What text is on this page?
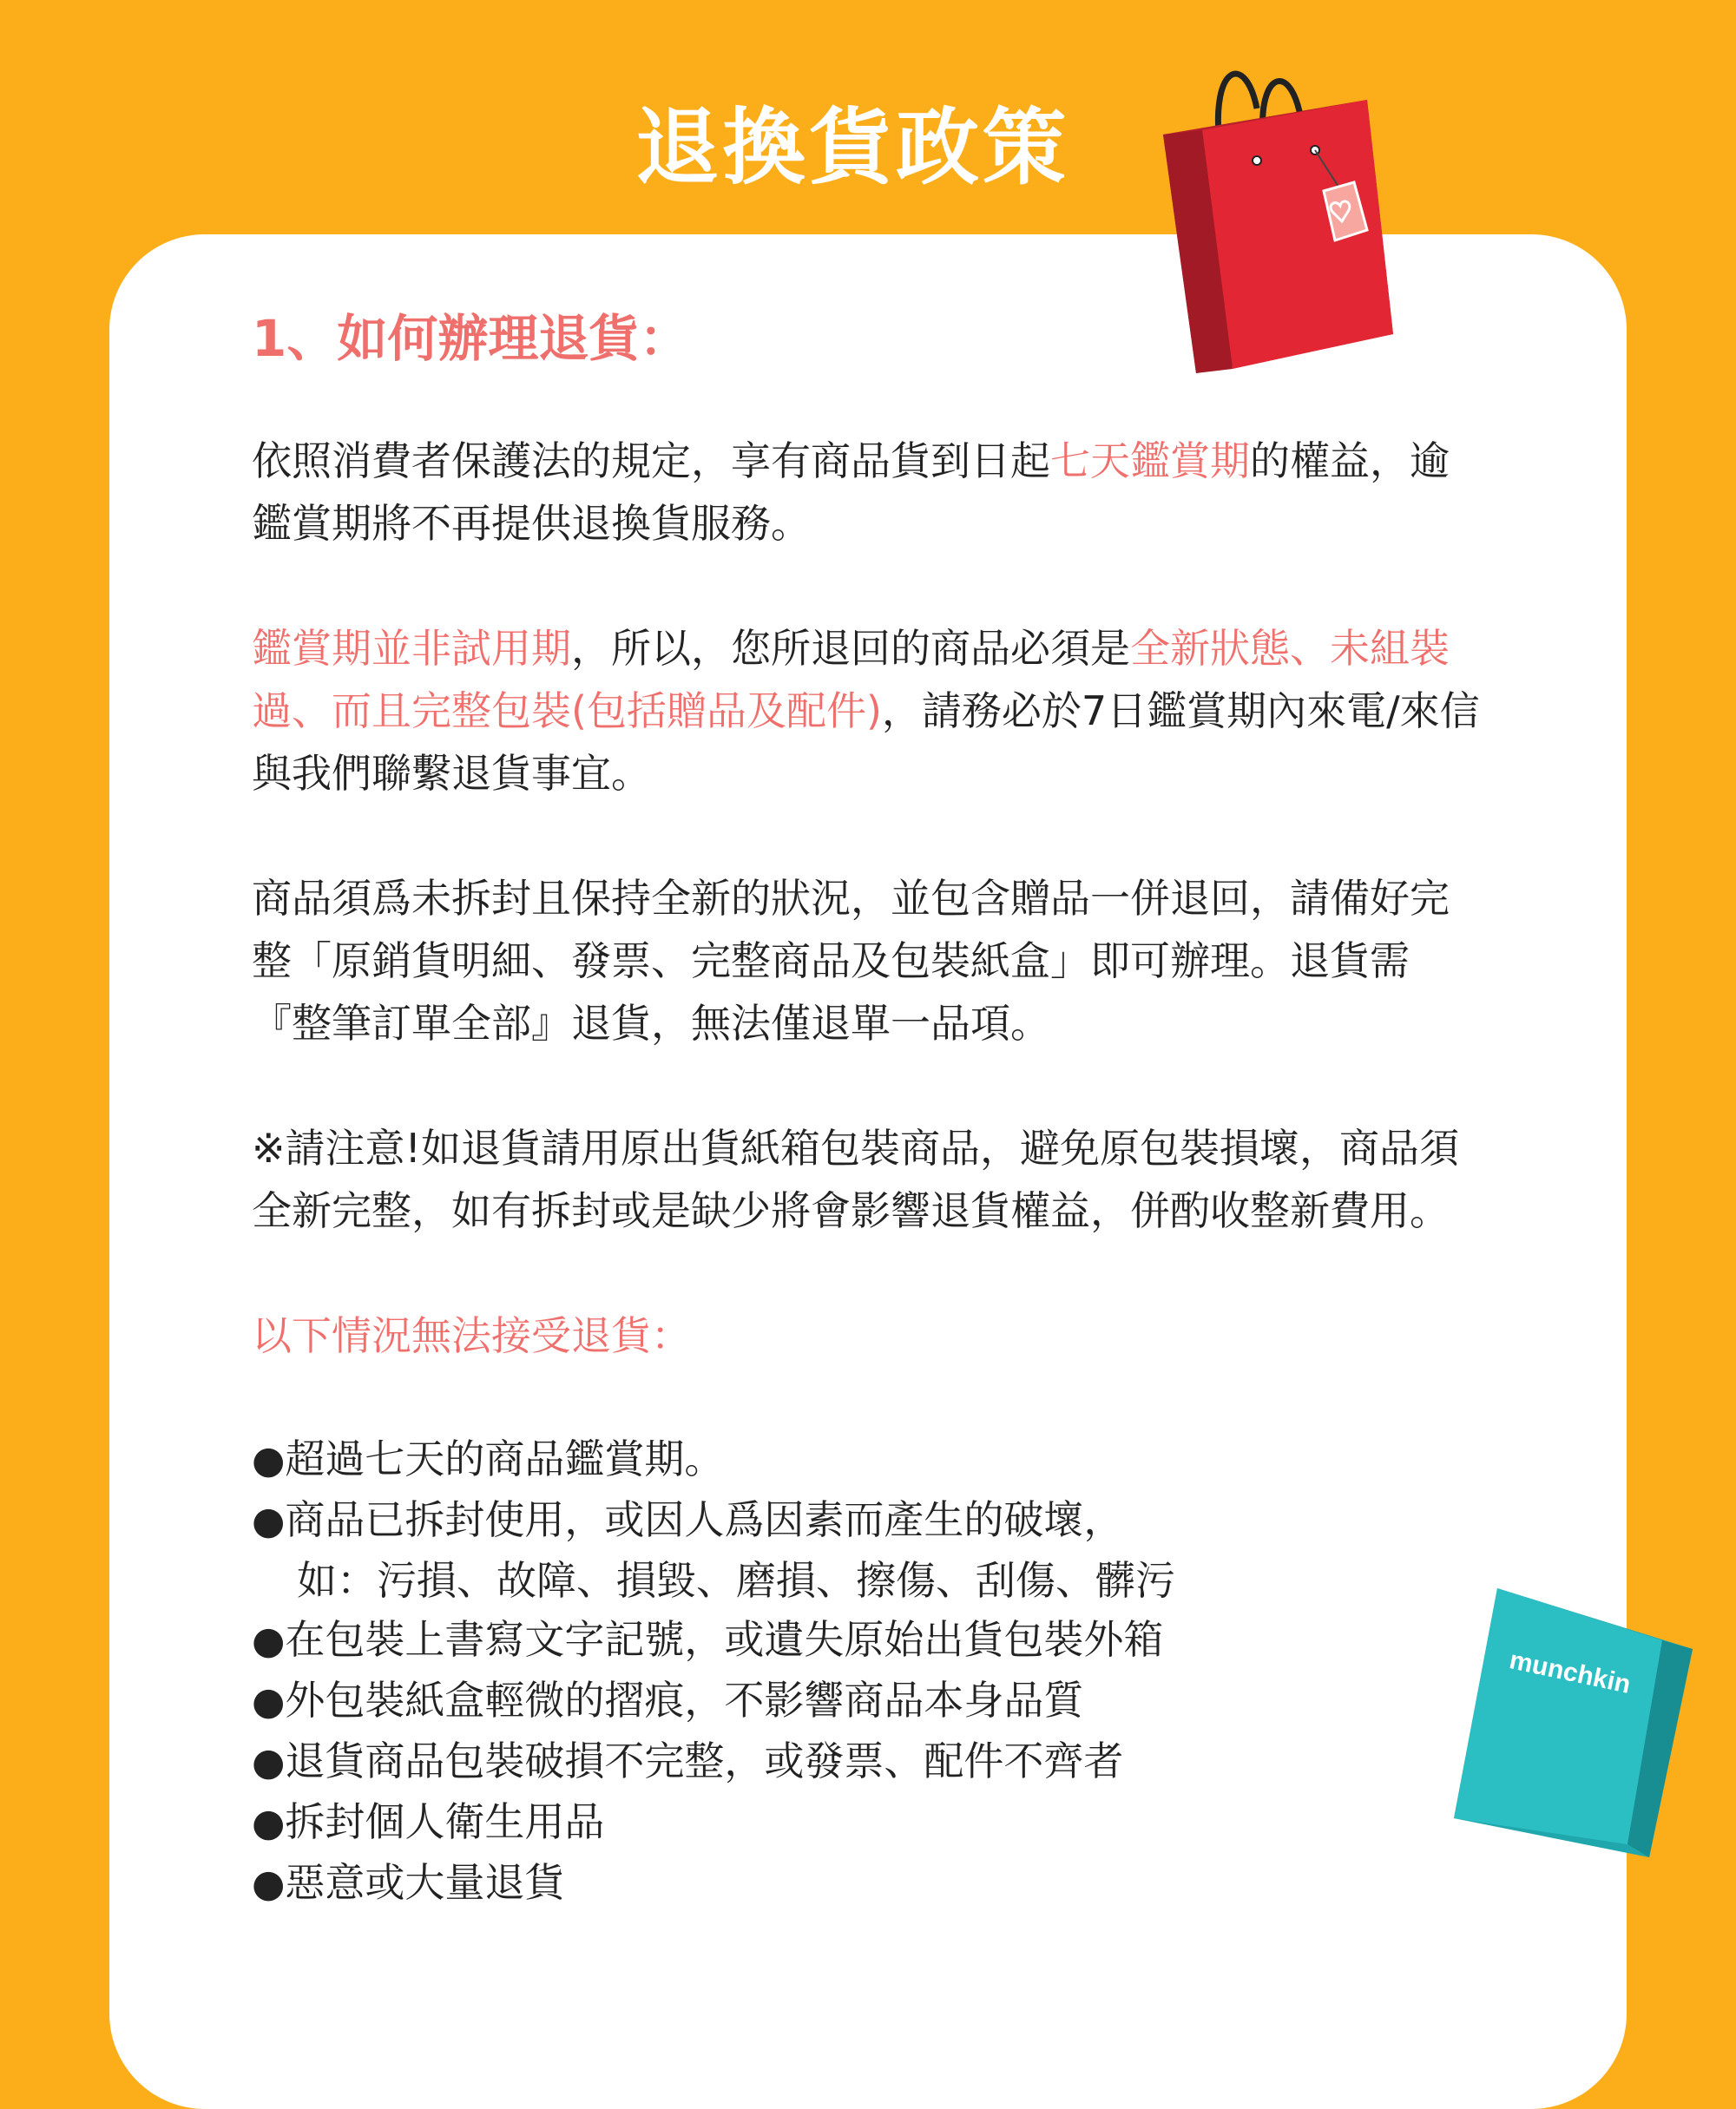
退換貨政策
1、如何辦理退貨：

依照消費者保護法的規定，享有商品貨到日起七天鑑賞期的權益，逾鑑賞期將不再提供退換貨服務。

鑑賞期並非試用期，所以，您所退回的商品必須是全新狀態、未組裝過、而且完整包裝(包括贈品及配件)，請務必於7日鑑賞期內來電/來信與我們聯繫退貨事宜。

商品須爲未拆封且保持全新的狀況，並包含贈品一併退回，請備好完整「原銷貨明細、發票、完整商品及包裝紙盒」即可辦理。退貨需『整筆訂單全部』退貨，無法僅退單一品項。

※請注意!如退貨請用原出貨紙箱包裝商品，避免原包裝損壞，商品須全新完整，如有拆封或是缺少將會影響退貨權益，併酌收整新費用。

以下情況無法接受退貨：
●超過七天的商品鑑賞期。
●商品已拆封使用，或因人爲因素而產生的破壞，
如：污損、故障、損毀、磨損、擦傷、刮傷、髒污
●在包裝上書寫文字記號，或遺失原始出貨包裝外箱
●外包裝紙盒輕微的摺痕，不影響商品本身品質
●退貨商品包裝破損不完整，或發票、配件不齊者
●拆封個人衛生用品
●惡意或大量退貨
munchkin
